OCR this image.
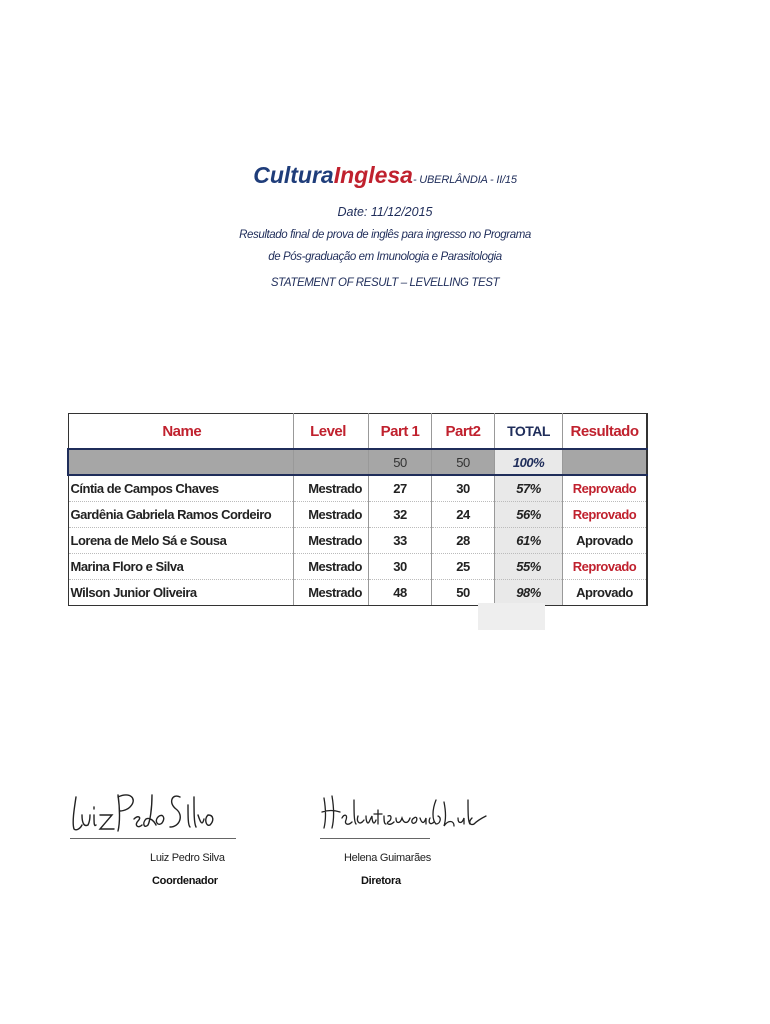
CulturaInglesa- UBERLÂNDIA - II/15
Date: 11/12/2015
Resultado final de prova de inglês para ingresso no Programa
de Pós-graduação em Imunologia e Parasitologia
STATEMENT OF RESULT – LEVELLING TEST
Name	Level	Part 1	Part2	TOTAL	Resultado
		50	50	100%	
Cíntia de Campos Chaves	Mestrado	27	30	57%	Reprovado
Gardênia Gabriela Ramos Cordeiro	Mestrado	32	24	56%	Reprovado
Lorena de Melo Sá e Sousa	Mestrado	33	28	61%	Aprovado
Marina Floro e Silva	Mestrado	30	25	55%	Reprovado
Wilson Junior Oliveira	Mestrado	48	50	98%	Aprovado
Luiz Pedro Silva
Coordenador
Helena Guimarães
Diretora
